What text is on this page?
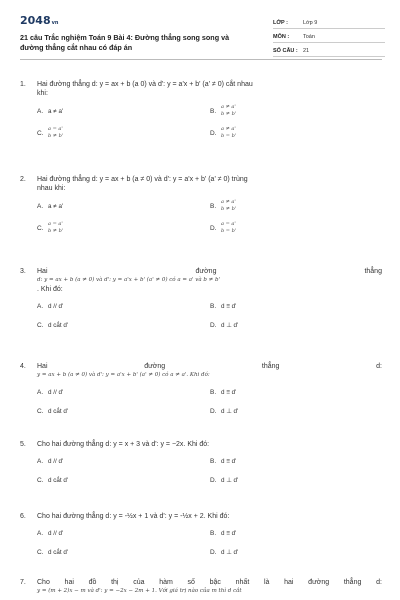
2048vn
21 câu Trắc nghiệm Toán 9 Bài 4: Đường thẳng song song và đường thẳng cắt nhau có đáp án
LỚP :	Lớp 9
MÔN :	Toán
SỐ CÂU : 21
1.	Hai đường thẳng d: y = ax + b (a 0) và d': y = a'x + b' (a' ≠ 0) cắt nhau
khi:
A. a ≠ a'	B.
a ≠ a'
b ≠ b'
C.
a = a'
b ≠ b'	D.
a ≠ a'
b = b'
2.	Hai đường thẳng d: y = ax + b (a ≠ 0) và d': y = a'x + b' (a' ≠ 0) trùng
nhau khi:
A. a ≠ a'	B.
a ≠ a'
b ≠ b'
C.
a = a'
b ≠ b'	D.
a = a'
b = b'
3.	Hai	đường	thẳng
d: y = ax + b (a ≠ 0) và d': y = a'x + b' (a' ≠ 0) có a = a' và b ≠ b'
. Khi đó:
A. d // d'	B. d ≡ d'
C. d cắt d'	D. d ⊥ d'
4.	Hai	đường	thẳng	d:
y = ax + b (a ≠ 0) và d': y = a'x + b' (a' ≠ 0) có a ≠ a'. Khi đó:
A. d // d'	B. d ≡ d'
C. d cắt d'	D. d ⊥ d'
5.	Cho hai đường thẳng d: y = x + 3 và d': y = −2x. Khi đó:
A. d // d'	B. d ≡ d'
C. d cắt d'	D. d ⊥ d'
6.	Cho hai đường thẳng d: y = -½x + 1 và d': y = -½x + 2. Khi đó:
A. d // d'	B. d ≡ d'
C. d cắt d'	D. d ⊥ d'
7.	Cho hai đồ thị của hàm số bậc nhất là hai đường thẳng d:
y = (m + 2)x − m và d': y = −2x − 2m + 1. Với giá trị nào của m thì d cắt
